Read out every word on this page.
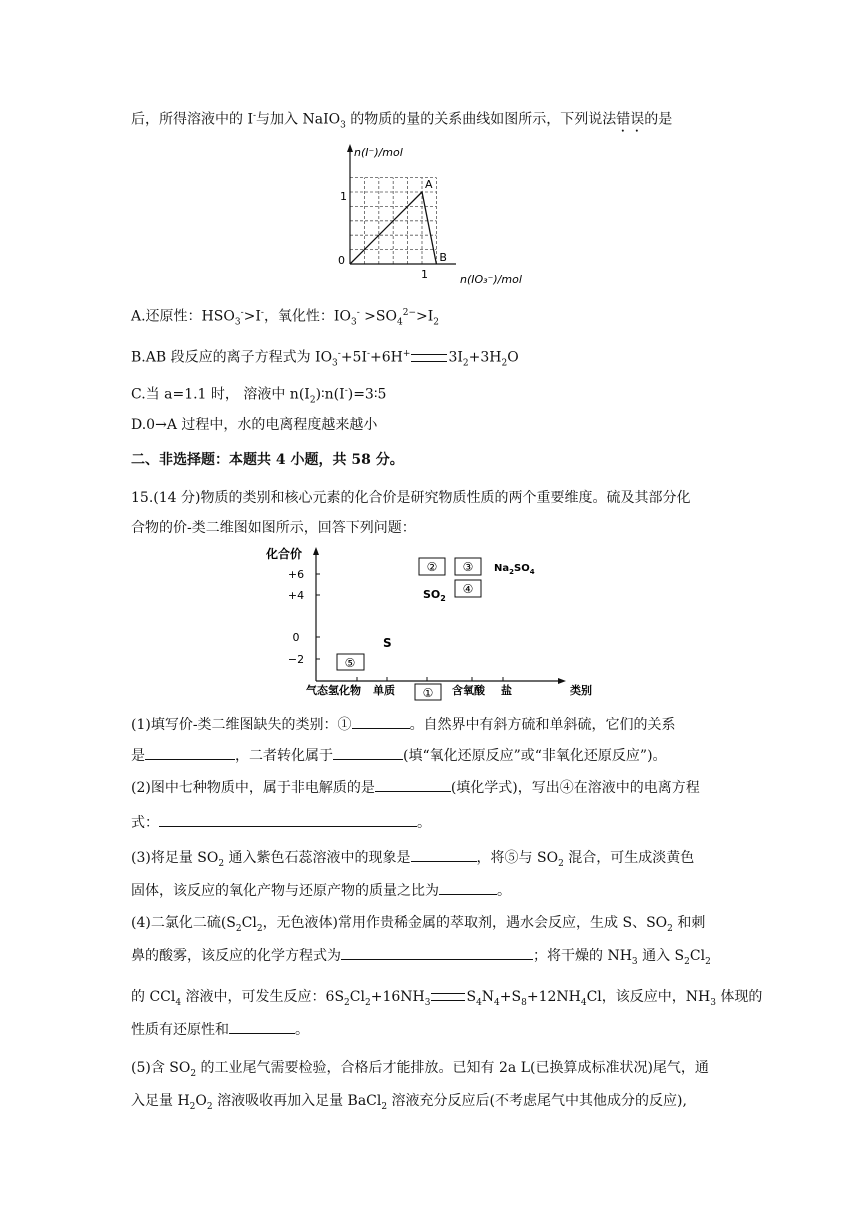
后，所得溶液中的 I-与加入 NaIO$_3$ 的物质的量的关系曲线如图所示，下列说法错误的是
n(I⁻)/mol
n(IO₃⁻)/mol
0
1
1
A
B
A.还原性：$HSO_3^->I^-$，氧化性：$IO_3^- >SO_4^{2-}>I_2$
B.AB 段反应的离子方程式为 $IO_3^-+5I^-+6H^+$	$3I_2+3H_2O$
C.当 a=1.1 时， 溶液中 $n(I_2)∶n(I^-)=3∶5$
D.0→A 过程中，水的电离程度越来越小
二、非选择题：本题共 4 小题，共 58 分。
15.(14 分)物质的类别和核心元素的化合价是研究物质性质的两个重要维度。硫及其部分化
合物的价-类二维图如图所示，回答下列问题：
化合价
+6
+4
0
−2
气态氢化物 单质	含氧酸 盐	类别
①
② ③
④
⑤
$SO_2$
$Na_2SO_4$
S
(1)填写价-类二维图缺失的类别：①	。自然界中有斜方硫和单斜硫，它们的关系
是	，二者转化属于	(填“氧化还原反应”或“非氧化还原反应”)。
(2)图中七种物质中，属于非电解质的是	(填化学式)，写出④在溶液中的电离方程
式：	。
(3)将足量 $SO_2$ 通入紫色石蕊溶液中的现象是	，将⑤与 $SO_2$ 混合，可生成淡黄色
固体，该反应的氧化产物与还原产物的质量之比为	。
(4)二氯化二硫($S_2Cl_2$，无色液体)常用作贵稀金属的萃取剂，遇水会反应，生成 S、$SO_2$ 和刺
鼻的酸雾，该反应的化学方程式为	；将干燥的 $NH_3$ 通入 $S_2Cl_2$
的 CCl$_4$ 溶液中，可发生反应：$6S_2Cl_2+16NH_3$	$S_4N_4+S_8+12NH_4Cl$，该反应中，$NH_3$ 体现的
性质有还原性和	。
(5)含 $SO_2$ 的工业尾气需要检验，合格后才能排放。已知有 2a L(已换算成标准状况)尾气，通
入足量 $H_2O_2$ 溶液吸收再加入足量 BaCl$_2$ 溶液充分反应后(不考虑尾气中其他成分的反应),
